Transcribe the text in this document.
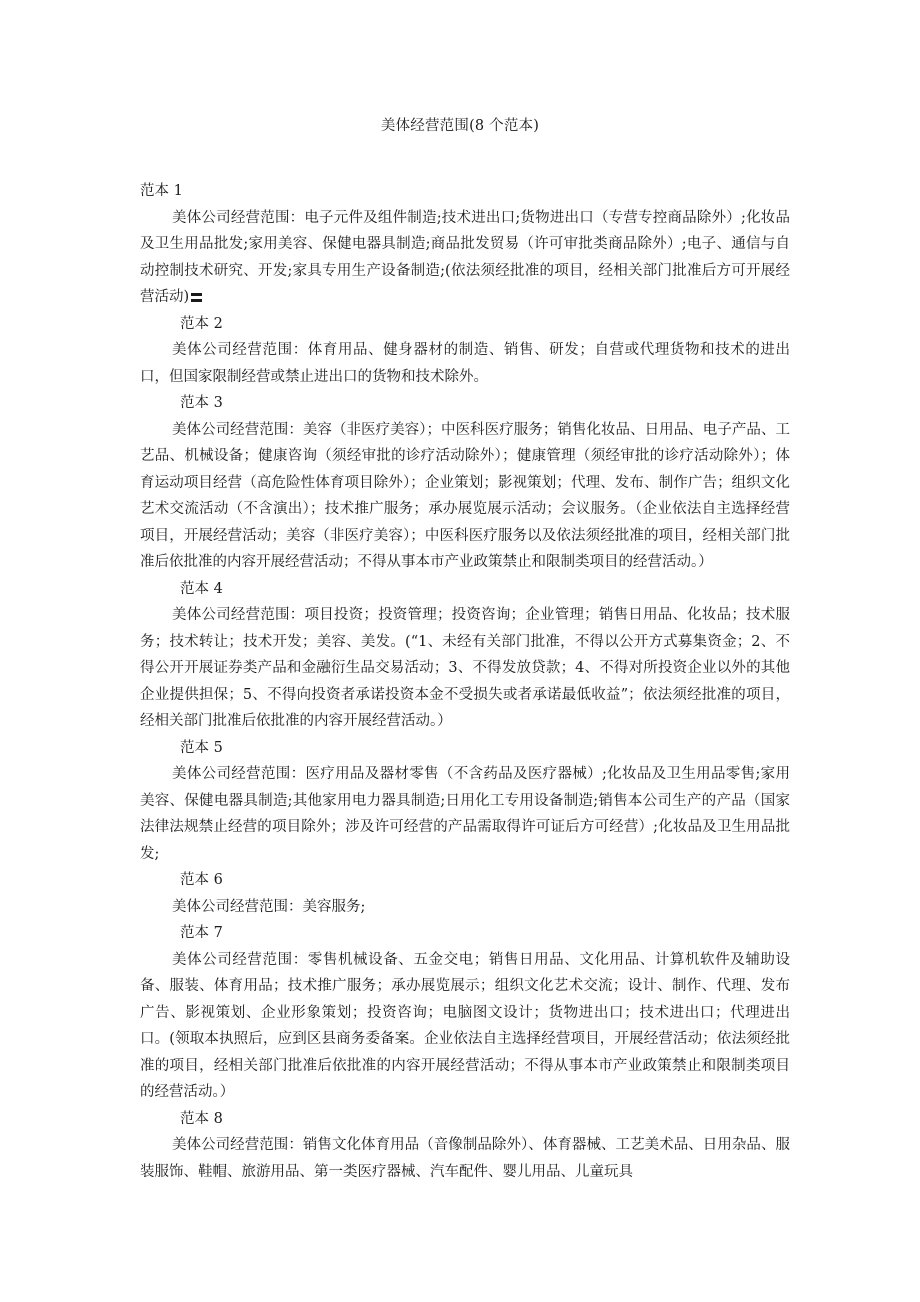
美体经营范围(8 个范本)

范本 1

美体公司经营范围：电子元件及组件制造;技术进出口;货物进出口（专营专控商品除外）;化妆品及卫生用品批发;家用美容、保健电器具制造;商品批发贸易（许可审批类商品除外）;电子、通信与自动控制技术研究、开发;家具专用生产设备制造;(依法须经批准的项目，经相关部门批准后方可开展经营活动)

范本 2

美体公司经营范围：体育用品、健身器材的制造、销售、研发；自营或代理货物和技术的进出口，但国家限制经营或禁止进出口的货物和技术除外。

范本 3

美体公司经营范围：美容（非医疗美容）；中医科医疗服务；销售化妆品、日用品、电子产品、工艺品、机械设备；健康咨询（须经审批的诊疗活动除外）；健康管理（须经审批的诊疗活动除外）；体育运动项目经营（高危险性体育项目除外）；企业策划；影视策划；代理、发布、制作广告；组织文化艺术交流活动（不含演出）；技术推广服务；承办展览展示活动；会议服务。（企业依法自主选择经营项目，开展经营活动；美容（非医疗美容）；中医科医疗服务以及依法须经批准的项目，经相关部门批准后依批准的内容开展经营活动；不得从事本市产业政策禁止和限制类项目的经营活动。）

范本 4

美体公司经营范围：项目投资；投资管理；投资咨询；企业管理；销售日用品、化妆品；技术服务；技术转让；技术开发；美容、美发。(“1、未经有关部门批准，不得以公开方式募集资金；2、不得公开开展证券类产品和金融衍生品交易活动；3、不得发放贷款；4、不得对所投资企业以外的其他企业提供担保；5、不得向投资者承诺投资本金不受损失或者承诺最低收益”；依法须经批准的项目，经相关部门批准后依批准的内容开展经营活动。）

范本 5

美体公司经营范围：医疗用品及器材零售（不含药品及医疗器械）;化妆品及卫生用品零售;家用美容、保健电器具制造;其他家用电力器具制造;日用化工专用设备制造;销售本公司生产的产品（国家法律法规禁止经营的项目除外；涉及许可经营的产品需取得许可证后方可经营）;化妆品及卫生用品批发;

范本 6

美体公司经营范围：美容服务;

范本 7

美体公司经营范围：零售机械设备、五金交电；销售日用品、文化用品、计算机软件及辅助设备、服装、体育用品；技术推广服务；承办展览展示；组织文化艺术交流；设计、制作、代理、发布广告、影视策划、企业形象策划；投资咨询；电脑图文设计；货物进出口；技术进出口；代理进出口。(领取本执照后，应到区县商务委备案。企业依法自主选择经营项目，开展经营活动；依法须经批准的项目，经相关部门批准后依批准的内容开展经营活动；不得从事本市产业政策禁止和限制类项目的经营活动。）

范本 8

美体公司经营范围：销售文化体育用品（音像制品除外）、体育器械、工艺美术品、日用杂品、服装服饰、鞋帽、旅游用品、第一类医疗器械、汽车配件、婴儿用品、儿童玩具
